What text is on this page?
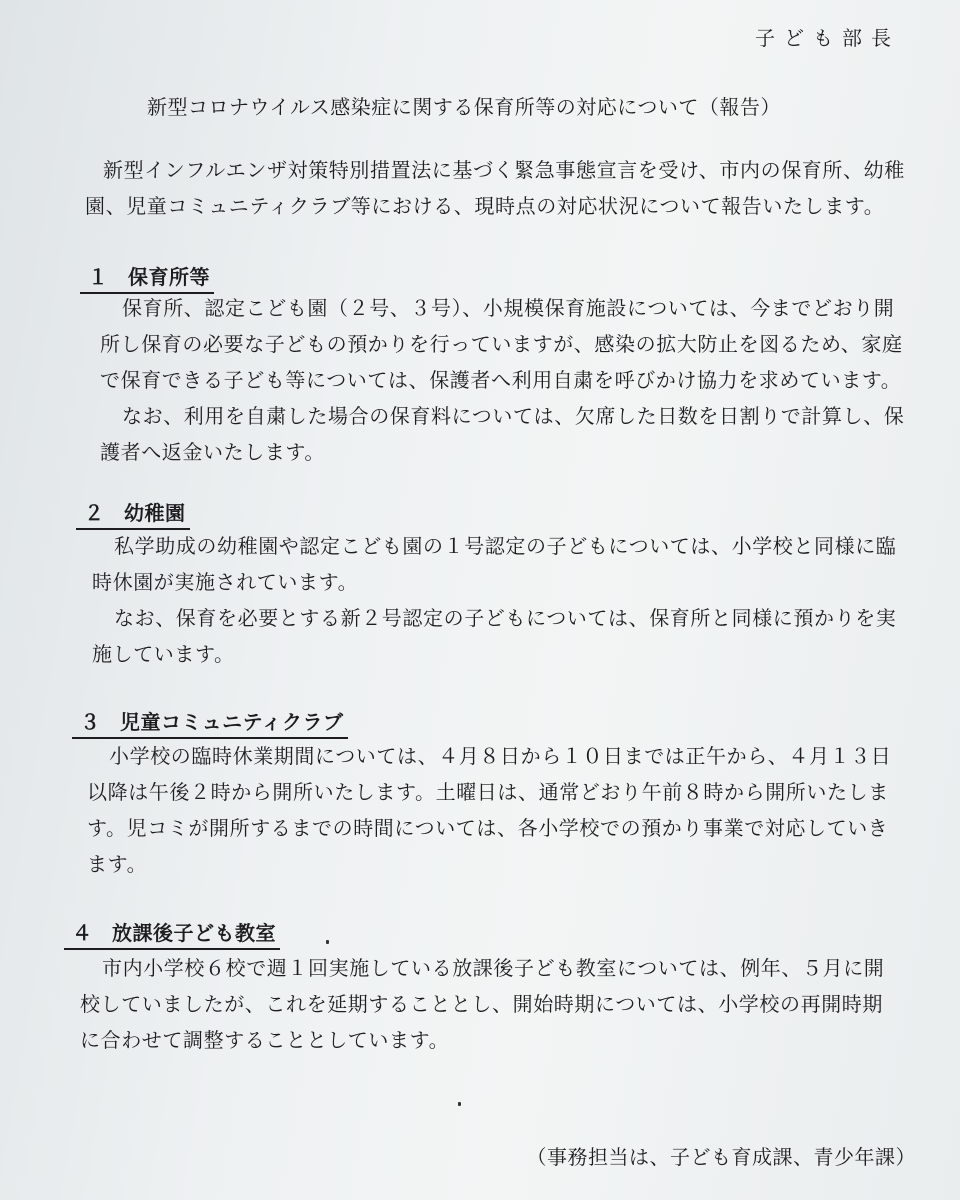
子ども部長
新型コロナウイルス感染症に関する保育所等の対応について（報告）
新型インフルエンザ対策特別措置法に基づく緊急事態宣言を受け、市内の保育所、幼稚
園、児童コミュニティクラブ等における、現時点の対応状況について報告いたします。
１ 保育所等
保育所、認定こども園（２号、３号）、小規模保育施設については、今までどおり開
所し保育の必要な子どもの預かりを行っていますが、感染の拡大防止を図るため、家庭
で保育できる子ども等については、保護者へ利用自粛を呼びかけ協力を求めています。
なお、利用を自粛した場合の保育料については、欠席した日数を日割りで計算し、保
護者へ返金いたします。
２ 幼稚園
私学助成の幼稚園や認定こども園の１号認定の子どもについては、小学校と同様に臨
時休園が実施されています。
なお、保育を必要とする新２号認定の子どもについては、保育所と同様に預かりを実
施しています。
３ 児童コミュニティクラブ
小学校の臨時休業期間については、４月８日から１０日までは正午から、４月１３日
以降は午後２時から開所いたします。土曜日は、通常どおり午前８時から開所いたしま
す。児コミが開所するまでの時間については、各小学校での預かり事業で対応していき
ます。
４ 放課後子ども教室
市内小学校６校で週１回実施している放課後子ども教室については、例年、５月に開
校していましたが、これを延期することとし、開始時期については、小学校の再開時期
に合わせて調整することとしています。
（事務担当は、子ども育成課、青少年課）
